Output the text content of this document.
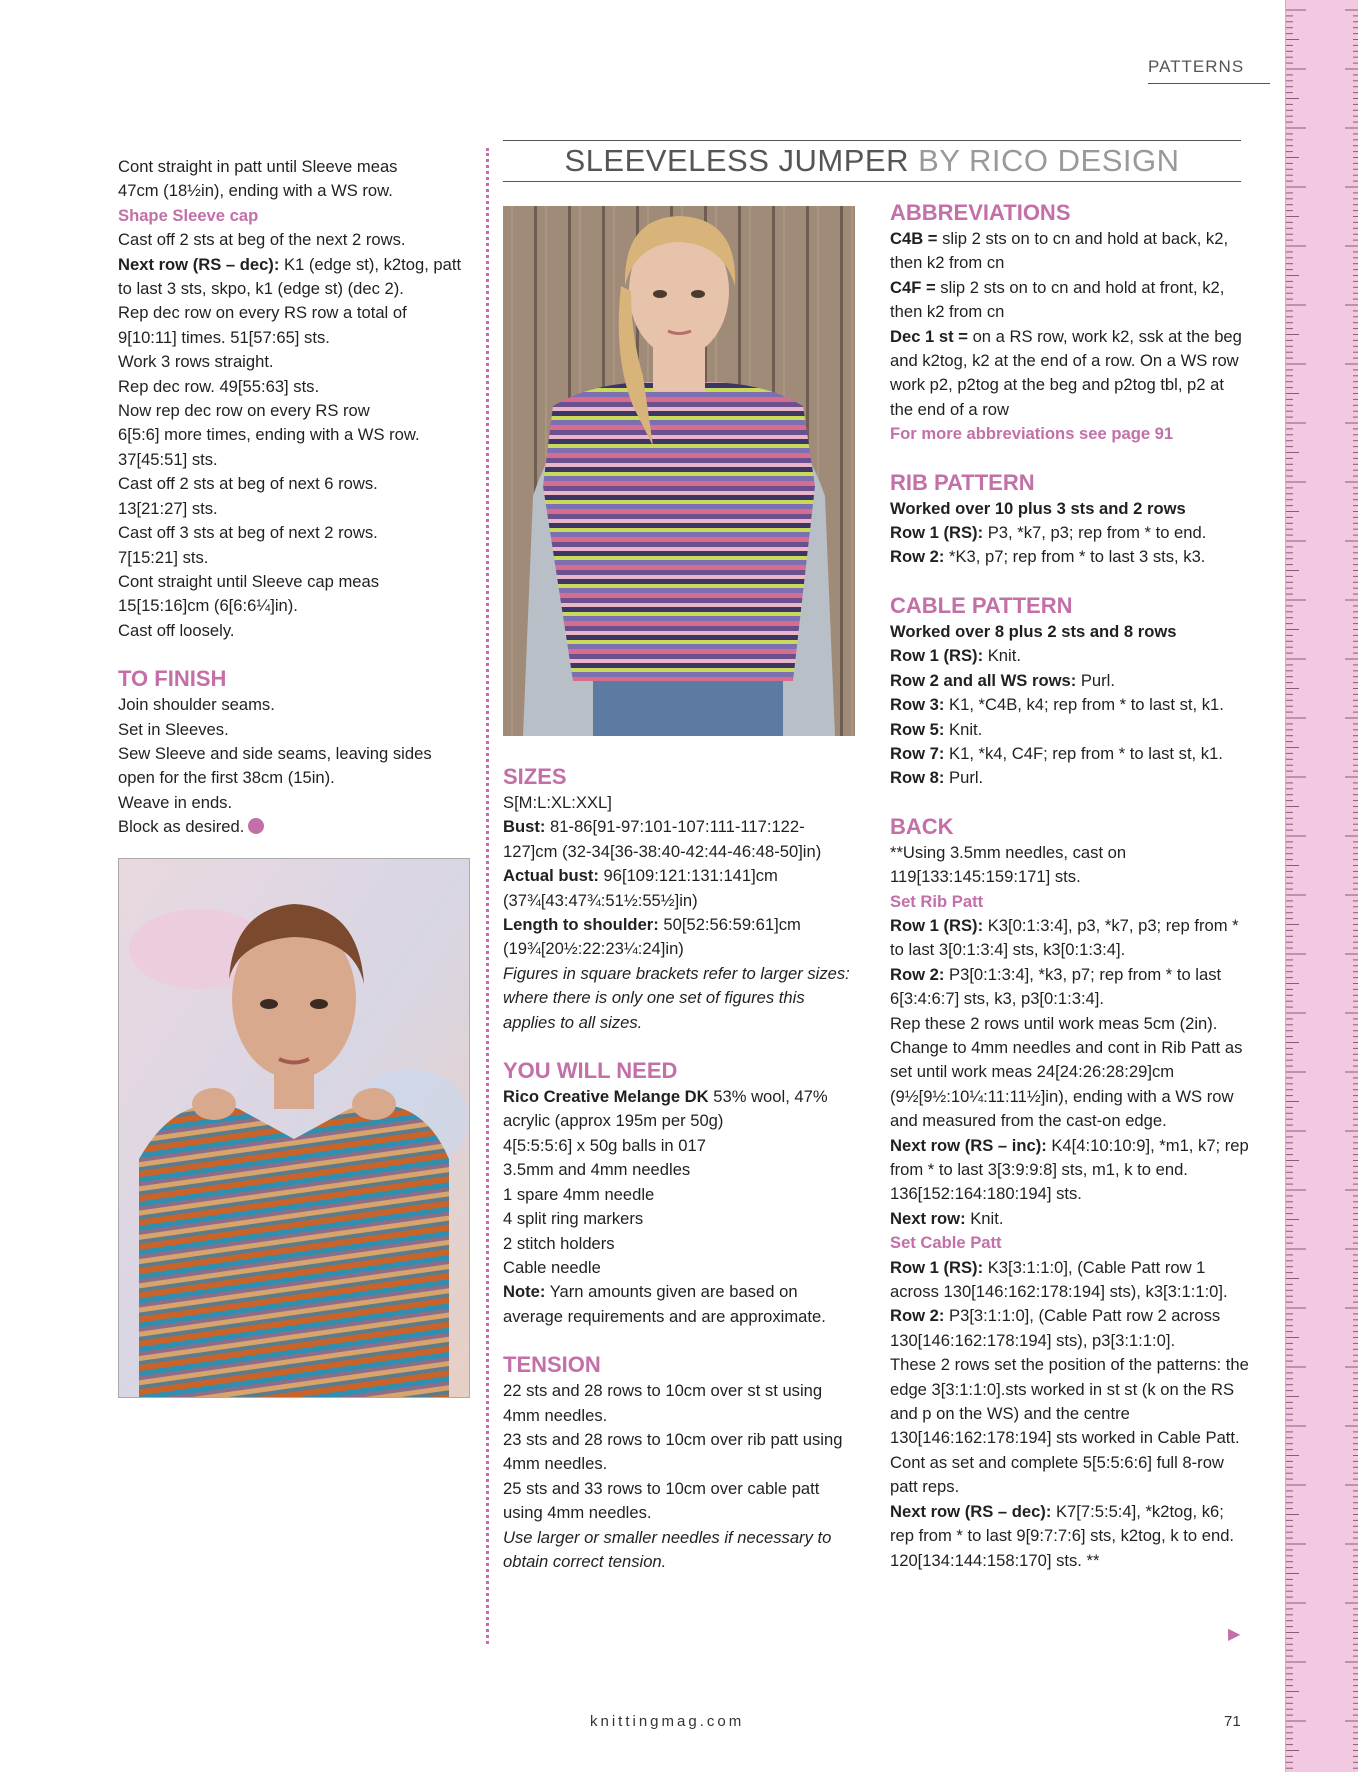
PATTERNS

Cont straight in patt until Sleeve meas

47cm (18½in), ending with a WS row.

Shape Sleeve cap

Cast off 2 sts at beg of the next 2 rows.

Next row (RS – dec): K1 (edge st), k2tog, patt to last 3 sts, skpo, k1 (edge st) (dec 2).

Rep dec row on every RS row a total of

9[10:11] times. 51[57:65] sts.

Work 3 rows straight.

Rep dec row. 49[55:63] sts.

Now rep dec row on every RS row

6[5:6] more times, ending with a WS row.

37[45:51] sts.

Cast off 2 sts at beg of next 6 rows.

13[21:27] sts.

Cast off 3 sts at beg of next 2 rows.

7[15:21] sts.

Cont straight until Sleeve cap meas

15[15:16]cm (6[6:6¼]in).

Cast off loosely.

TO FINISH

Join shoulder seams.

Set in Sleeves.

Sew Sleeve and side seams, leaving sides

open for the first 38cm (15in).

Weave in ends.

Block as desired.

SLEEVELESS JUMPER BY RICO DESIGN

SIZES

S[M:L:XL:XXL]

Bust: 81-86[91-97:101-107:111-117:122-127]cm (32-34[36-38:40-42:44-46:48-50]in)

Actual bust: 96[109:121:131:141]cm (37¾[43:47¾:51½:55½]in)

Length to shoulder: 50[52:56:59:61]cm (19¾[20½:22:23¼:24]in)

Figures in square brackets refer to larger sizes: where there is only one set of figures this applies to all sizes.

YOU WILL NEED

Rico Creative Melange DK 53% wool, 47% acrylic (approx 195m per 50g)

4[5:5:5:6] x 50g balls in 017

3.5mm and 4mm needles

1 spare 4mm needle

4 split ring markers

2 stitch holders

Cable needle

Note: Yarn amounts given are based on average requirements and are approximate.

TENSION

22 sts and 28 rows to 10cm over st st using 4mm needles.

23 sts and 28 rows to 10cm over rib patt using 4mm needles.

25 sts and 33 rows to 10cm over cable patt using 4mm needles.

Use larger or smaller needles if necessary to obtain correct tension.

ABBREVIATIONS

C4B = slip 2 sts on to cn and hold at back, k2, then k2 from cn

C4F = slip 2 sts on to cn and hold at front, k2, then k2 from cn

Dec 1 st = on a RS row, work k2, ssk at the beg and k2tog, k2 at the end of a row. On a WS row work p2, p2tog at the beg and p2tog tbl, p2 at the end of a row

For more abbreviations see page 91

RIB PATTERN

Worked over 10 plus 3 sts and 2 rows

Row 1 (RS): P3, *k7, p3; rep from * to end.

Row 2: *K3, p7; rep from * to last 3 sts, k3.

CABLE PATTERN

Worked over 8 plus 2 sts and 8 rows

Row 1 (RS): Knit.

Row 2 and all WS rows: Purl.

Row 3: K1, *C4B, k4; rep from * to last st, k1.

Row 5: Knit.

Row 7: K1, *k4, C4F; rep from * to last st, k1.

Row 8: Purl.

BACK

**Using 3.5mm needles, cast on 119[133:145:159:171] sts.

Set Rib Patt

Row 1 (RS): K3[0:1:3:4], p3, *k7, p3; rep from * to last 3[0:1:3:4] sts, k3[0:1:3:4].

Row 2: P3[0:1:3:4], *k3, p7; rep from * to last 6[3:4:6:7] sts, k3, p3[0:1:3:4].

Rep these 2 rows until work meas 5cm (2in).

Change to 4mm needles and cont in Rib Patt as set until work meas 24[24:26:28:29]cm (9½[9½:10¼:11:11½]in), ending with a WS row and measured from the cast-on edge.

Next row (RS – inc): K4[4:10:10:9], *m1, k7; rep from * to last 3[3:9:9:8] sts, m1, k to end. 136[152:164:180:194] sts.

Next row: Knit.

Set Cable Patt

Row 1 (RS): K3[3:1:1:0], (Cable Patt row 1 across 130[146:162:178:194] sts), k3[3:1:1:0].

Row 2: P3[3:1:1:0], (Cable Patt row 2 across 130[146:162:178:194] sts), p3[3:1:1:0].

These 2 rows set the position of the patterns: the edge 3[3:1:1:0].sts worked in st st (k on the RS and p on the WS) and the centre 130[146:162:178:194] sts worked in Cable Patt.

Cont as set and complete 5[5:5:6:6] full 8-row patt reps.

Next row (RS – dec): K7[7:5:5:4], *k2tog, k6; rep from * to last 9[9:7:7:6] sts, k2tog, k to end. 120[134:144:158:170] sts. **

▶
knittingmag.com	71
